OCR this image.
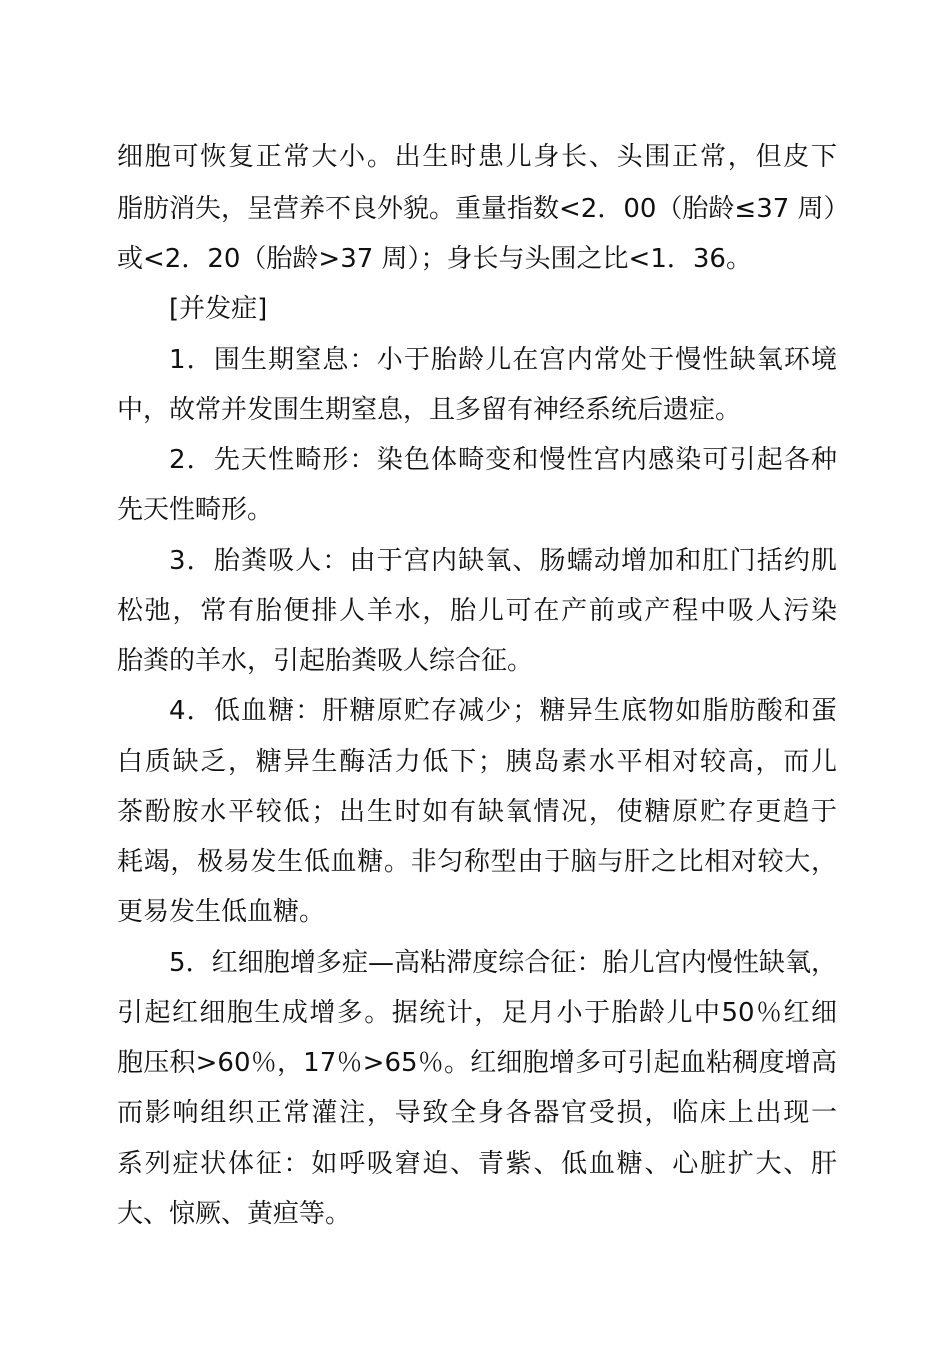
细胞可恢复正常大小。出生时患儿身长、头围正常，但皮下
脂肪消失，呈营养不良外貌。重量指数<2．00（胎龄≤37 周）
或<2．20（胎龄>37 周）；身长与头围之比<1．36。
[并发症]
1．围生期窒息：小于胎龄儿在宫内常处于慢性缺氧环境
中，故常并发围生期窒息，且多留有神经系统后遗症。
2．先天性畸形：染色体畸变和慢性宫内感染可引起各种
先天性畸形。
3．胎粪吸人：由于宫内缺氧、肠蠕动增加和肛门括约肌
松弛，常有胎便排人羊水，胎儿可在产前或产程中吸人污染
胎粪的羊水，引起胎粪吸人综合征。
4．低血糖：肝糖原贮存减少；糖异生底物如脂肪酸和蛋
白质缺乏，糖异生酶活力低下；胰岛素水平相对较高，而儿
茶酚胺水平较低；出生时如有缺氧情况，使糖原贮存更趋于
耗竭，极易发生低血糖。非匀称型由于脑与肝之比相对较大，
更易发生低血糖。
5．红细胞增多症—高粘滞度综合征：胎儿宫内慢性缺氧，
引起红细胞生成增多。据统计，足月小于胎龄儿中50％红细
胞压积>60％，17％>65％。红细胞增多可引起血粘稠度增高
而影响组织正常灌注，导致全身各器官受损，临床上出现一
系列症状体征：如呼吸窘迫、青紫、低血糖、心脏扩大、肝
大、惊厥、黄疸等。
